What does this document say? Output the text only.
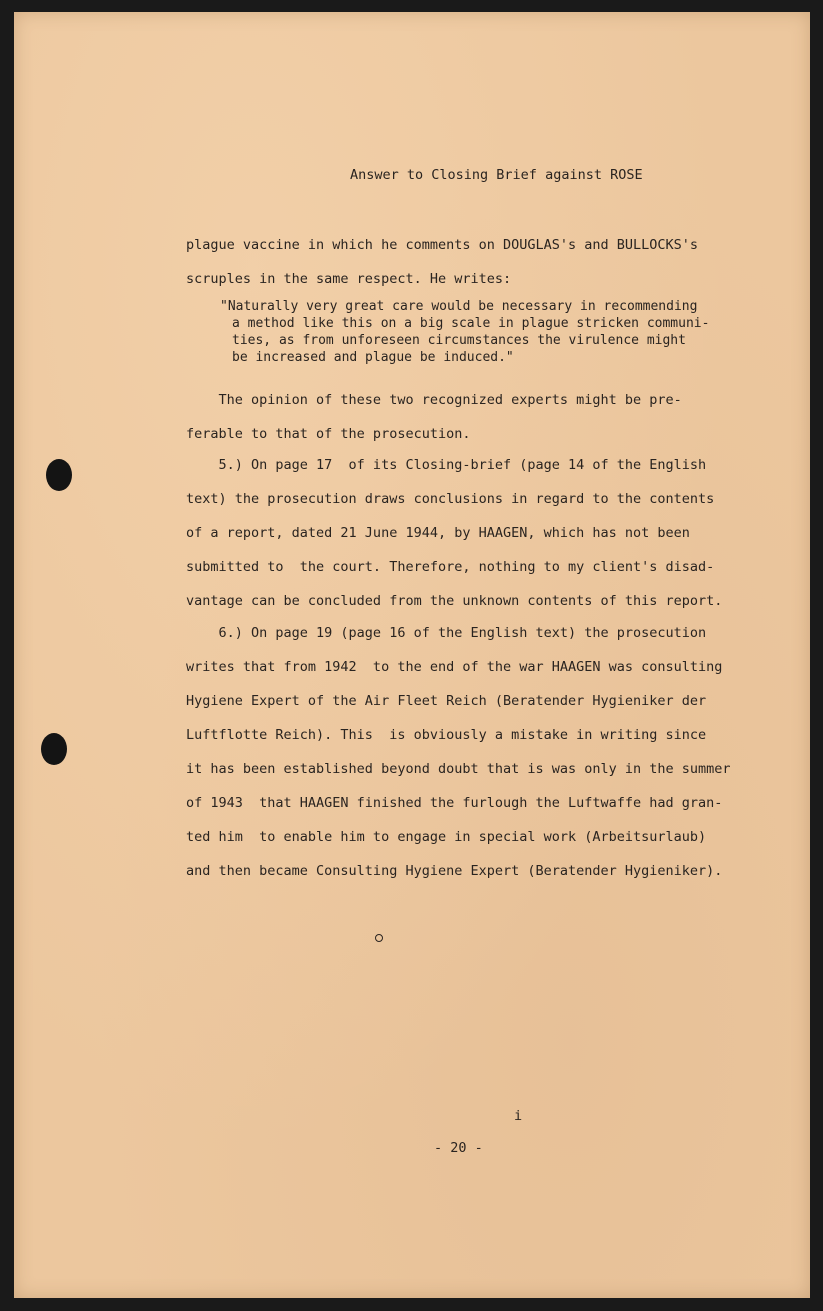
Answer to Closing Brief against ROSE
plague vaccine in which he comments on DOUGLAS's and BULLOCKS's
scruples in the same respect. He writes:
"Naturally very great care would be necessary in recommending
a method like this on a big scale in plague stricken communi-
ties, as from unforeseen circumstances the virulence might
be increased and plague be induced."
The opinion of these two recognized experts might be pre-
ferable to that of the prosecution.
5.) On page 17  of its Closing-brief (page 14 of the English
text) the prosecution draws conclusions in regard to the contents
of a report, dated 21 June 1944, by HAAGEN, which has not been
submitted to  the court. Therefore, nothing to my client's disad-
vantage can be concluded from the unknown contents of this report.
6.) On page 19 (page 16 of the English text) the prosecution
writes that from 1942  to the end of the war HAAGEN was consulting
Hygiene Expert of the Air Fleet Reich (Beratender Hygieniker der
Luftflotte Reich). This  is obviously a mistake in writing since
it has been established beyond doubt that is was only in the summer
of 1943  that HAAGEN finished the furlough the Luftwaffe had gran-
ted him  to enable him to engage in special work (Arbeitsurlaub)
and then became Consulting Hygiene Expert (Beratender Hygieniker).
i
- 20 -
